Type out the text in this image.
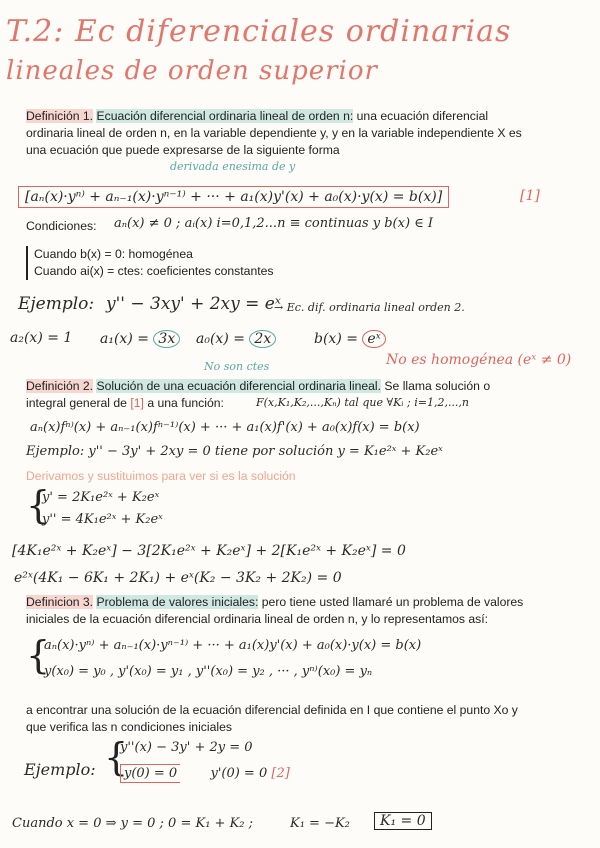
T.2: Ec diferenciales ordinarias
lineales de orden superior
Definición 1. Ecuación diferencial ordinaria lineal de orden n: una ecuación diferencial
ordinaria lineal de orden n, en la variable dependiente y, y en la variable independiente X es
una ecuación que puede expresarse de la siguiente forma
derivada enesima de y
[aₙ(x)·yⁿ⁾ + aₙ₋₁(x)·yⁿ⁻¹⁾ + ··· + a₁(x)y'(x) + a₀(x)·y(x) = b(x)]	[1]
Condiciones: aₙ(x) ≠ 0 ; aᵢ(x) i=0,1,2...n ≡ continuas y b(x) ∈ I
Cuando b(x) = 0: homogénea
Cuando ai(x) = ctes: coeficientes constantes
Ejemplo: y'' − 3xy' + 2xy = eˣ
→ Ec. dif. ordinaria lineal orden 2.
a₂(x) = 1 a₁(x) = 3x	a₀(x) = 2x	b(x) = eˣ
No son ctes	No es homogénea (eˣ ≠ 0)
Definición 2. Solución de una ecuación diferencial ordinaria lineal. Se llama solución o
integral general de [1] a una función:	F(x,K₁,K₂,...,Kₙ) tal que ∀Kᵢ ; i=1,2,...,n
aₙ(x)fⁿ⁾(x) + aₙ₋₁(x)fⁿ⁻¹⁾(x) + ··· + a₁(x)f'(x) + a₀(x)f(x) = b(x)
Ejemplo: y'' − 3y' + 2xy = 0 tiene por solución y = K₁e²ˣ + K₂eˣ
Derivamos y sustituimos para ver si es la solución
{
y' = 2K₁e²ˣ + K₂eˣ
y'' = 4K₁e²ˣ + K₂eˣ
[4K₁e²ˣ + K₂eˣ] − 3[2K₁e²ˣ + K₂eˣ] + 2[K₁e²ˣ + K₂eˣ] = 0
e²ˣ(4K₁ − 6K₁ + 2K₁) + eˣ(K₂ − 3K₂ + 2K₂) = 0
Definicion 3. Problema de valores iniciales: pero tiene usted llamaré un problema de valores
iniciales de la ecuación diferencial ordinaria lineal de orden n, y lo representamos así:
{
aₙ(x)·yⁿ⁾ + aₙ₋₁(x)·yⁿ⁻¹⁾ + ··· + a₁(x)y'(x) + a₀(x)·y(x) = b(x)
y(x₀) = y₀ , y'(x₀) = y₁ , y''(x₀) = y₂ , ··· , yⁿ⁾(x₀) = yₙ
a encontrar una solución de la ecuación diferencial definida en I que contiene el punto Xo y
que verifica las n condiciones iniciales
Ejemplo: {
y''(x) − 3y' + 2y = 0
y(0) = 0	y'(0) = 0 [2]
Cuando x = 0 ⇒ y = 0 ; 0 = K₁ + K₂ ;	K₁ = −K₂	K₁ = 0
